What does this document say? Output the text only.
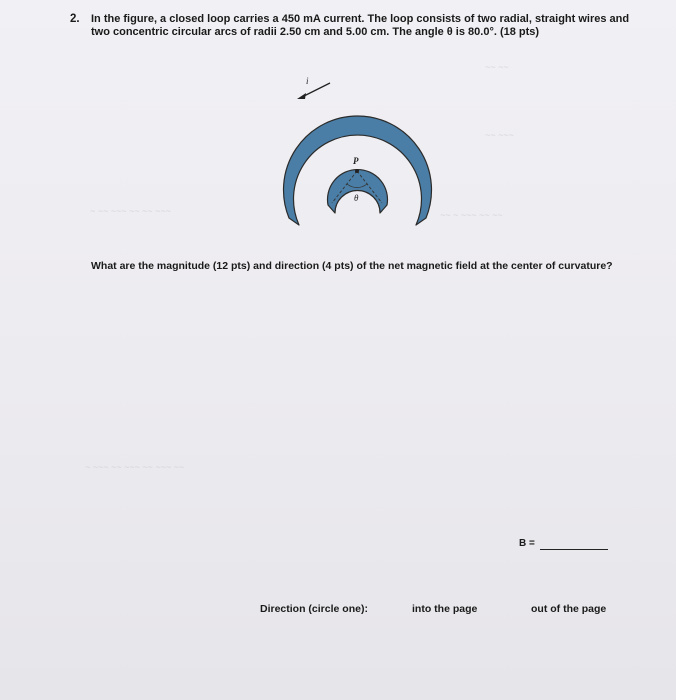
~ ~~ ~~~ ~~ ~~ ~~~	~~ ~ ~~~ ~~ ~~
~ ~~~ ~~ ~~~ ~~ ~~~ ~~
~~ ~~
~~ ~~~
2. In the figure, a closed loop carries a 450 mA current. The loop consists of two radial, straight wires and two concentric circular arcs of radii 2.50 cm and 5.00 cm. The angle θ is 80.0°. (18 pts)
P
θ
i
What are the magnitude (12 pts) and direction (4 pts) of the net magnetic field at the center of curvature?
B =
Direction (circle one):	into the page	out of the page
